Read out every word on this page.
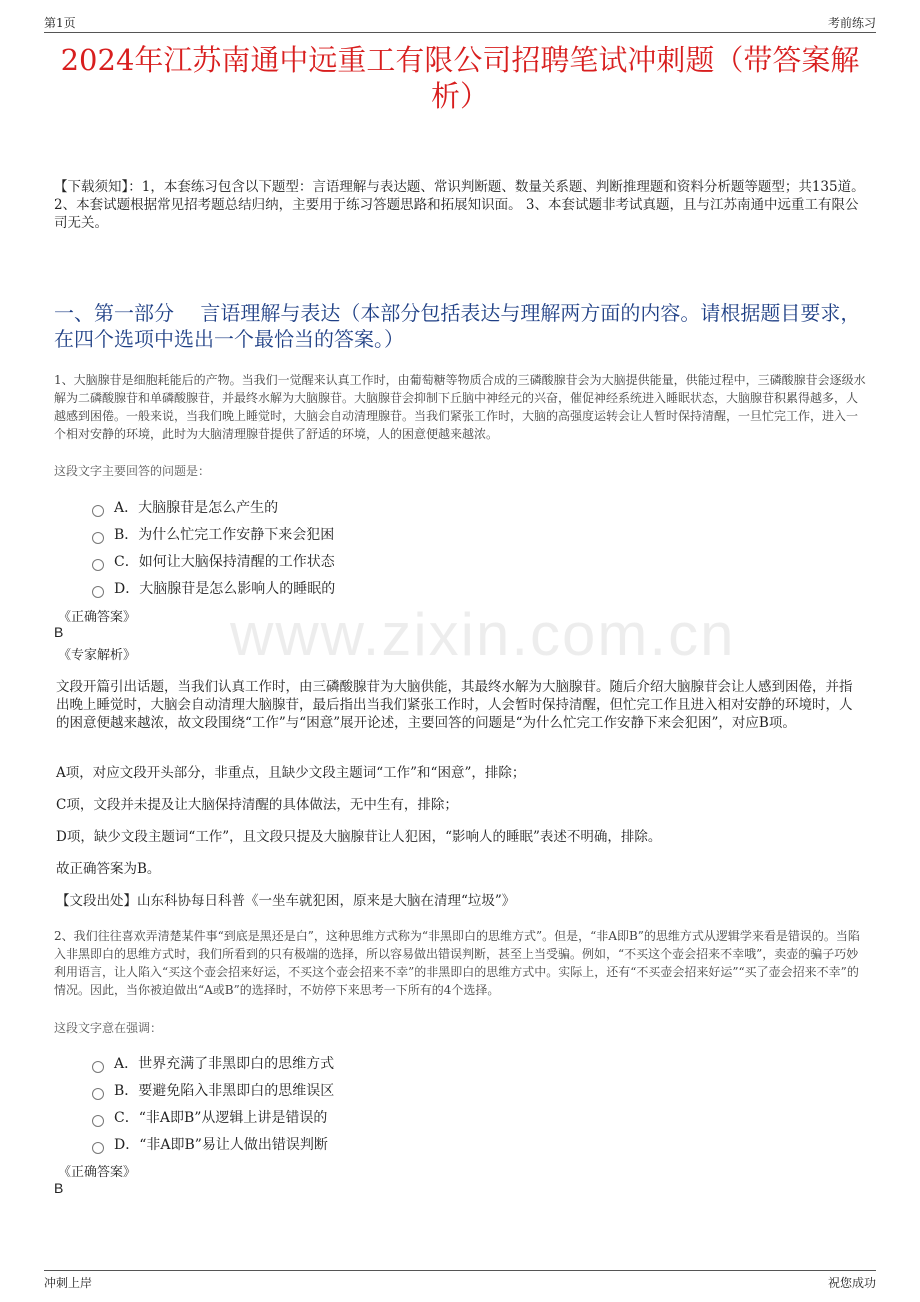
第1页	考前练习
www.zixin.com.cn
2024年江苏南通中远重工有限公司招聘笔试冲刺题（带答案解析）
【下载须知】：1，本套练习包含以下题型：言语理解与表达题、常识判断题、数量关系题、判断推理题和资料分析题等题型；共135道。 2、本套试题根据常见招考题总结归纳，主要用于练习答题思路和拓展知识面。 3、本套试题非考试真题，且与江苏南通中远重工有限公司无关。
一、第一部分　 言语理解与表达（本部分包括表达与理解两方面的内容。请根据题目要求，在四个选项中选出一个最恰当的答案。）
1、大脑腺苷是细胞耗能后的产物。当我们一觉醒来认真工作时，由葡萄糖等物质合成的三磷酸腺苷会为大脑提供能量，供能过程中，三磷酸腺苷会逐级水解为二磷酸腺苷和单磷酸腺苷，并最终水解为大脑腺苷。大脑腺苷会抑制下丘脑中神经元的兴奋，催促神经系统进入睡眠状态，大脑腺苷积累得越多，人越感到困倦。一般来说，当我们晚上睡觉时，大脑会自动清理腺苷。当我们紧张工作时，大脑的高强度运转会让人暂时保持清醒，一旦忙完工作，进入一个相对安静的环境，此时为大脑清理腺苷提供了舒适的环境，人的困意便越来越浓。
这段文字主要回答的问题是：
A．大脑腺苷是怎么产生的
B．为什么忙完工作安静下来会犯困
C．如何让大脑保持清醒的工作状态
D．大脑腺苷是怎么影响人的睡眠的
《正确答案》
B
《专家解析》
文段开篇引出话题，当我们认真工作时，由三磷酸腺苷为大脑供能，其最终水解为大脑腺苷。随后介绍大脑腺苷会让人感到困倦，并指出晚上睡觉时，大脑会自动清理大脑腺苷，最后指出当我们紧张工作时，人会暂时保持清醒，但忙完工作且进入相对安静的环境时，人的困意便越来越浓，故文段围绕“工作”与“困意”展开论述，主要回答的问题是“为什么忙完工作安静下来会犯困”，对应B项。
A项，对应文段开头部分，非重点，且缺少文段主题词“工作”和“困意”，排除；
C项，文段并未提及让大脑保持清醒的具体做法，无中生有，排除；
D项，缺少文段主题词“工作”，且文段只提及大脑腺苷让人犯困，“影响人的睡眠”表述不明确，排除。
故正确答案为B。
【文段出处】山东科协每日科普《一坐车就犯困，原来是大脑在清理“垃圾”》
2、我们往往喜欢弄清楚某件事“到底是黑还是白”，这种思维方式称为“非黑即白的思维方式”。但是，“非A即B”的思维方式从逻辑学来看是错误的。当陷入非黑即白的思维方式时，我们所看到的只有极端的选择，所以容易做出错误判断，甚至上当受骗。例如，“不买这个壶会招来不幸哦”，卖壶的骗子巧妙利用语言，让人陷入“买这个壶会招来好运，不买这个壶会招来不幸”的非黑即白的思维方式中。实际上，还有“不买壶会招来好运”“买了壶会招来不幸”的情况。因此，当你被迫做出“A或B”的选择时，不妨停下来思考一下所有的4个选择。
这段文字意在强调：
A．世界充满了非黑即白的思维方式
B．要避免陷入非黑即白的思维误区
C．“非A即B”从逻辑上讲是错误的
D．“非A即B”易让人做出错误判断
《正确答案》
B
冲刺上岸	祝您成功
